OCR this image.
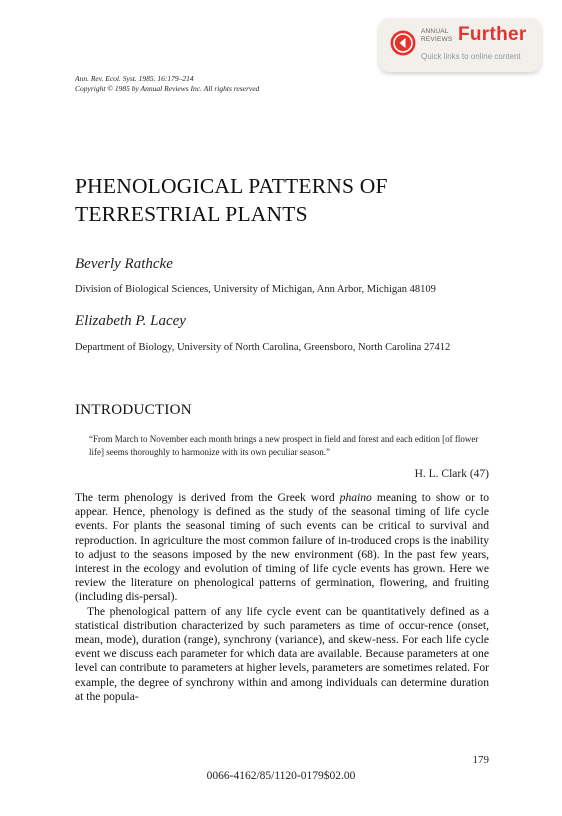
ANNUAL
REVIEWS Further
Quick links to online content
Ann. Rev. Ecol. Syst. 1985. 16:179–214
Copyright © 1985 by Annual Reviews Inc. All rights reserved
PHENOLOGICAL PATTERNS OF
TERRESTRIAL PLANTS
Beverly Rathcke
Division of Biological Sciences, University of Michigan, Ann Arbor, Michigan 48109
Elizabeth P. Lacey
Department of Biology, University of North Carolina, Greensboro, North Carolina 27412
INTRODUCTION
“From March to November each month brings a new prospect in field and forest and each edition [of flower life] seems thoroughly to harmonize with its own peculiar season.”
H. L. Clark (47)

The term phenology is derived from the Greek word phaino meaning to show or to appear. Hence, phenology is defined as the study of the seasonal timing of life cycle events. For plants the seasonal timing of such events can be critical to survival and reproduction. In agriculture the most common failure of in-troduced crops is the inability to adjust to the seasons imposed by the new environment (68). In the past few years, interest in the ecology and evolution of timing of life cycle events has grown. Here we review the literature on phenological patterns of germination, flowering, and fruiting (including dis-persal).

The phenological pattern of any life cycle event can be quantitatively defined as a statistical distribution characterized by such parameters as time of occur-rence (onset, mean, mode), duration (range), synchrony (variance), and skew-ness. For each life cycle event we discuss each parameter for which data are available. Because parameters at one level can contribute to parameters at higher levels, parameters are sometimes related. For example, the degree of synchrony within and among individuals can determine duration at the popula-

179
0066-4162/85/1120-0179$02.00
